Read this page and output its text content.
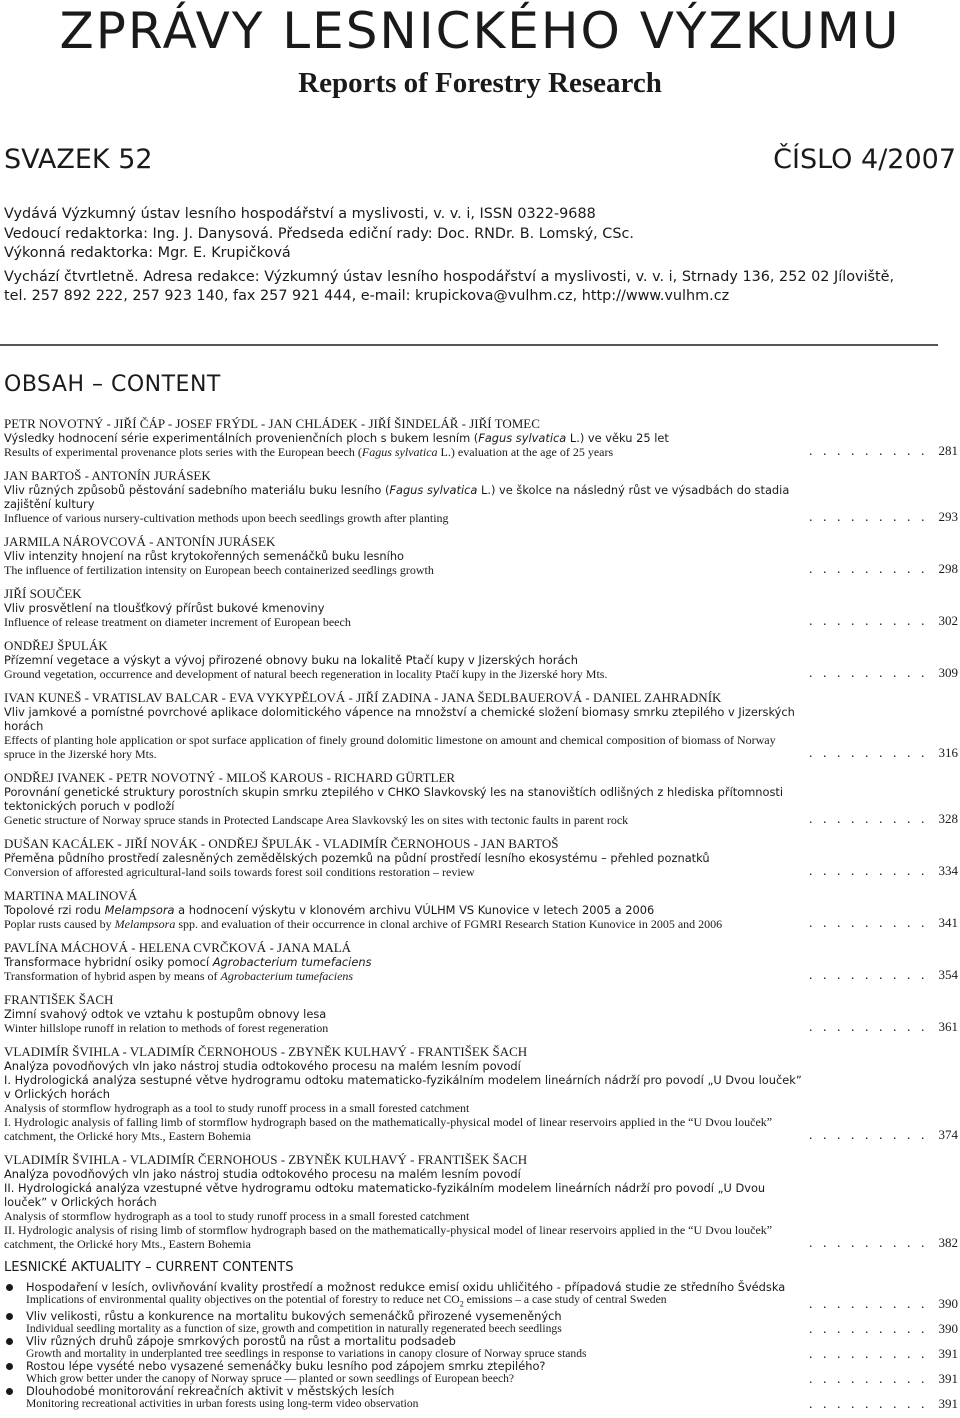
ZPRÁVY LESNICKÉHO VÝZKUMU
Reports of Forestry Research
SVAZEK 52	ČÍSLO 4/2007
Vydává Výzkumný ústav lesního hospodářství a myslivosti, v. v. i, ISSN 0322-9688
Vedoucí redaktorka: Ing. J. Danysová. Předseda ediční rady: Doc. RNDr. B. Lomský, CSc.
Výkonná redaktorka: Mgr. E. Krupičková
Vychází čtvrtletně. Adresa redakce: Výzkumný ústav lesního hospodářství a myslivosti, v. v. i, Strnady 136, 252 02 Jíloviště,
tel. 257 892 222, 257 923 140, fax 257 921 444, e-mail: krupickova@vulhm.cz, http://www.vulhm.cz
OBSAH – CONTENT
PETR NOVOTNÝ - JIŘÍ ČÁP - JOSEF FRÝDL - JAN CHLÁDEK - JIŘÍ ŠINDELÁŘ - JIŘÍ TOMEC
Výsledky hodnocení série experimentálních provenienčních ploch s bukem lesním (Fagus sylvatica L.) ve věku 25 let
Results of experimental provenance plots series with the European beech (Fagus sylvatica L.) evaluation at the age of 25 years	. . . . . . . . . 281
JAN BARTOŠ - ANTONÍN JURÁSEK
Vliv různých způsobů pěstování sadebního materiálu buku lesního (Fagus sylvatica L.) ve školce na následný růst ve výsadbách do stadia zajištění kultury
Influence of various nursery-cultivation methods upon beech seedlings growth after planting	. . . . . . . . . 293
JARMILA NÁROVCOVÁ - ANTONÍN JURÁSEK
Vliv intenzity hnojení na růst krytokořenných semenáčků buku lesního
The influence of fertilization intensity on European beech containerized seedlings growth	. . . . . . . . . 298
JIŘÍ SOUČEK
Vliv prosvětlení na tloušťkový přírůst bukové kmenoviny
Influence of release treatment on diameter increment of European beech	. . . . . . . . . 302
ONDŘEJ ŠPULÁK
Přízemní vegetace a výskyt a vývoj přirozené obnovy buku na lokalitě Ptačí kupy v Jizerských horách
Ground vegetation, occurrence and development of natural beech regeneration in locality Ptačí kupy in the Jizerské hory Mts.	. . . . . . . . . 309
IVAN KUNEŠ - VRATISLAV BALCAR - EVA VYKYPĚLOVÁ - JIŘÍ ZADINA - JANA ŠEDLBAUEROVÁ - DANIEL ZAHRADNÍK
Vliv jamkové a pomístné povrchové aplikace dolomitického vápence na množství a chemické složení biomasy smrku ztepilého v Jizerských horách
Effects of planting hole application or spot surface application of finely ground dolomitic limestone on amount and chemical composition of biomass of Norway spruce in the Jizerské hory Mts.	. . . . . . . . . 316
ONDŘEJ IVANEK - PETR NOVOTNÝ - MILOŠ KAROUS - RICHARD GÜRTLER
Porovnání genetické struktury porostních skupin smrku ztepilého v CHKO Slavkovský les na stanovištích odlišných z hlediska přítomnosti tektonických poruch v podloží
Genetic structure of Norway spruce stands in Protected Landscape Area Slavkovský les on sites with tectonic faults in parent rock	. . . . . . . . . 328
DUŠAN KACÁLEK - JIŘÍ NOVÁK - ONDŘEJ ŠPULÁK - VLADIMÍR ČERNOHOUS - JAN BARTOŠ
Přeměna půdního prostředí zalesněných zemědělských pozemků na půdní prostředí lesního ekosystému – přehled poznatků
Conversion of afforested agricultural-land soils towards forest soil conditions restoration – review	. . . . . . . . . 334
MARTINA MALINOVÁ
Topolové rzi rodu Melampsora a hodnocení výskytu v klonovém archivu VÚLHM VS Kunovice v letech 2005 a 2006
Poplar rusts caused by Melampsora spp. and evaluation of their occurrence in clonal archive of FGMRI Research Station Kunovice in 2005 and 2006	. . . . . . . . . 341
PAVLÍNA MÁCHOVÁ - HELENA CVRČKOVÁ - JANA MALÁ
Transformace hybridní osiky pomocí Agrobacterium tumefaciens
Transformation of hybrid aspen by means of Agrobacterium tumefaciens	. . . . . . . . . 354
FRANTIŠEK ŠACH
Zimní svahový odtok ve vztahu k postupům obnovy lesa
Winter hillslope runoff in relation to methods of forest regeneration	. . . . . . . . . 361
VLADIMÍR ŠVIHLA - VLADIMÍR ČERNOHOUS - ZBYNĚK KULHAVÝ - FRANTIŠEK ŠACH
Analýza povodňových vln jako nástroj studia odtokového procesu na malém lesním povodí
I. Hydrologická analýza sestupné větve hydrogramu odtoku matematicko-fyzikálním modelem lineárních nádrží pro povodí „U Dvou loučekˮ v Orlických horách
Analysis of stormflow hydrograph as a tool to study runoff process in a small forested catchment
I. Hydrologic analysis of falling limb of stormflow hydrograph based on the mathematically-physical model of linear reservoirs applied in the “U Dvou loučekˮ catchment, the Orlické hory Mts., Eastern Bohemia	. . . . . . . . . 374
VLADIMÍR ŠVIHLA - VLADIMÍR ČERNOHOUS - ZBYNĚK KULHAVÝ - FRANTIŠEK ŠACH
Analýza povodňových vln jako nástroj studia odtokového procesu na malém lesním povodí
II. Hydrologická analýza vzestupné větve hydrogramu odtoku matematicko-fyzikálním modelem lineárních nádrží pro povodí „U Dvou loučekˮ v Orlických horách
Analysis of stormflow hydrograph as a tool to study runoff process in a small forested catchment
II. Hydrologic analysis of rising limb of stormflow hydrograph based on the mathematically-physical model of linear reservoirs applied in the “U Dvou loučekˮ catchment, the Orlické hory Mts., Eastern Bohemia	. . . . . . . . . 382
LESNICKÉ AKTUALITY – CURRENT CONTENTS
Hospodaření v lesích, ovlivňování kvality prostředí a možnost redukce emisí oxidu uhličitého - případová studie ze středního Švédska
Implications of environmental quality objectives on the potential of forestry to reduce net $CO_2$ emissions – a case study of central Sweden	. . . . . . . . . 390
Vliv velikosti, růstu a konkurence na mortalitu bukových semenáčků přirozené vysemeněných
Individual seedling mortality as a function of size, growth and competition in naturally regenerated beech seedlings	. . . . . . . . . 390
Vliv různých druhů zápoje smrkových porostů na růst a mortalitu podsadeb
Growth and mortality in underplanted tree seedlings in response to variations in canopy closure of Norway spruce stands	. . . . . . . . . 391
Rostou lépe vysété nebo vysazené semenáčky buku lesního pod zápojem smrku ztepilého?
Which grow better under the canopy of Norway spruce — planted or sown seedlings of European beech?	. . . . . . . . . 391
Dlouhodobé monitorování rekreačních aktivit v městských lesích
Monitoring recreational activities in urban forests using long-term video observation	. . . . . . . . . 391
